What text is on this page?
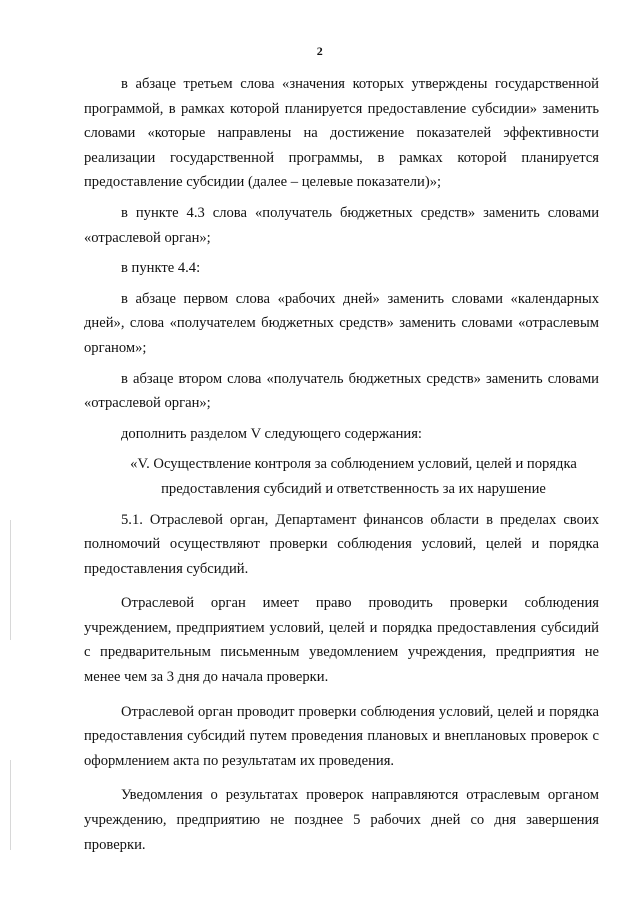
2

в абзаце третьем слова «значения которых утверждены государственной программой, в рамках которой планируется предоставление субсидии» заменить словами «которые направлены на достижение показателей эффективности реализации государственной программы, в рамках которой планируется предоставление субсидии (далее – целевые показатели)»;

в пункте 4.3 слова «получатель бюджетных средств» заменить словами «отраслевой орган»;

в пункте 4.4:

в абзаце первом слова «рабочих дней» заменить словами «календарных дней», слова «получателем бюджетных средств» заменить словами «отраслевым органом»;

в абзаце втором слова «получатель бюджетных средств» заменить словами «отраслевой орган»;

дополнить разделом V следующего содержания:

«V. Осуществление контроля за соблюдением условий, целей и порядка
предоставления субсидий и ответственность за их нарушение

5.1. Отраслевой орган, Департамент финансов области в пределах своих полномочий осуществляют проверки соблюдения условий, целей и порядка предоставления субсидий.

Отраслевой орган имеет право проводить проверки соблюдения учреждением, предприятием условий, целей и порядка предоставления субсидий с предварительным письменным уведомлением учреждения, предприятия не менее чем за 3 дня до начала проверки.

Отраслевой орган проводит проверки соблюдения условий, целей и порядка предоставления субсидий путем проведения плановых и внеплановых проверок с оформлением акта по результатам их проведения.

Уведомления о результатах проверок направляются отраслевым органом учреждению, предприятию не позднее 5 рабочих дней со дня завершения проверки.
